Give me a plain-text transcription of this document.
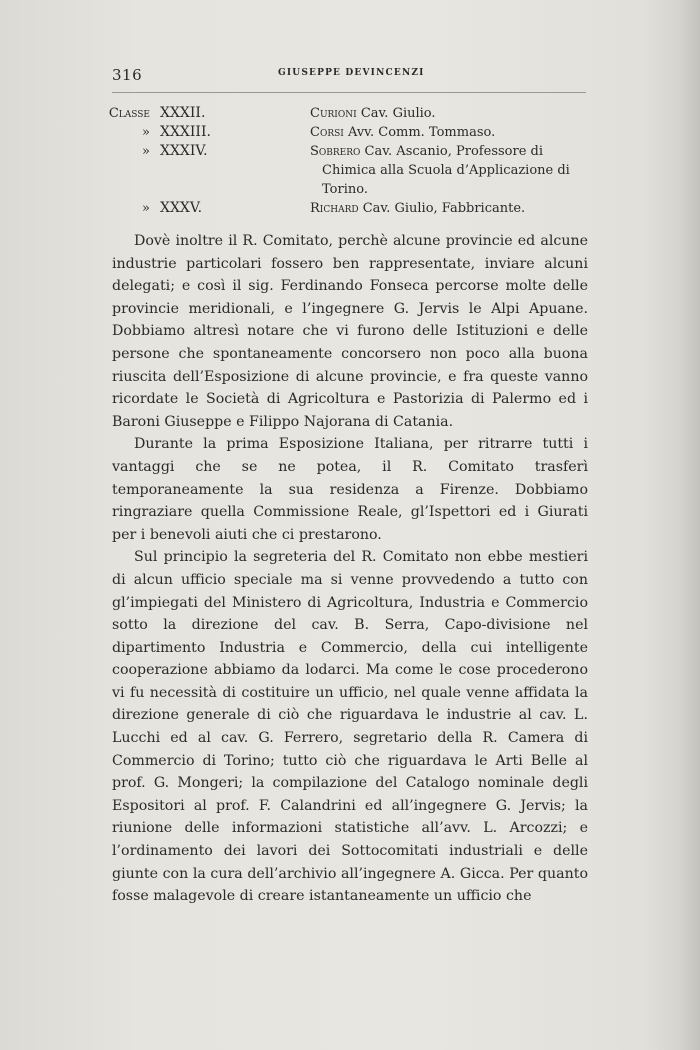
316	GIUSEPPE DEVINCENZI
Classe XXXII.	Curioni Cav. Giulio.
» XXXIII.	Corsi Avv. Comm. Tommaso.
» XXXIV.	Sobrero Cav. Ascanio, Professore di
Chimica alla Scuola d’Applicazione di Torino.
» XXXV.	Richard Cav. Giulio, Fabbricante.

Dovè inoltre il R. Comitato, perchè alcune provincie ed alcune industrie particolari fossero ben rappresentate, inviare alcuni delegati; e così il sig. Ferdinando Fonseca percorse molte delle provincie meridionali, e l’ingegnere G. Jervis le Alpi Apuane. Dobbiamo altresì notare che vi furono delle Istituzioni e delle persone che spontaneamente concorsero non poco alla buona riuscita dell’Esposizione di alcune provincie, e fra queste vanno ricordate le Società di Agricoltura e Pastorizia di Palermo ed i Baroni Giuseppe e Filippo Najorana di Catania.

Durante la prima Esposizione Italiana, per ritrarre tutti i vantaggi che se ne potea, il R. Comitato trasferì temporaneamente la sua residenza a Firenze. Dobbiamo ringraziare quella Commissione Reale, gl’Ispettori ed i Giurati per i benevoli aiuti che ci prestarono.

Sul principio la segreteria del R. Comitato non ebbe mestieri di alcun ufficio speciale ma si venne provvedendo a tutto con gl’impiegati del Ministero di Agricoltura, Industria e Commercio sotto la direzione del cav. B. Serra, Capo-divisione nel dipartimento Industria e Commercio, della cui intelligente cooperazione abbiamo da lodarci. Ma come le cose procederono vi fu necessità di costituire un ufficio, nel quale venne affidata la direzione generale di ciò che riguardava le industrie al cav. L. Lucchi ed al cav. G. Ferrero, segretario della R. Camera di Commercio di Torino; tutto ciò che riguardava le Arti Belle al prof. G. Mongeri; la compilazione del Catalogo nominale degli Espositori al prof. F. Calandrini ed all’ingegnere G. Jervis; la riunione delle informazioni statistiche all’avv. L. Arcozzi; e l’ordinamento dei lavori dei Sottocomitati industriali e delle giunte con la cura dell’archivio all’ingegnere A. Gicca. Per quanto fosse malagevole di creare istantaneamente un ufficio che
